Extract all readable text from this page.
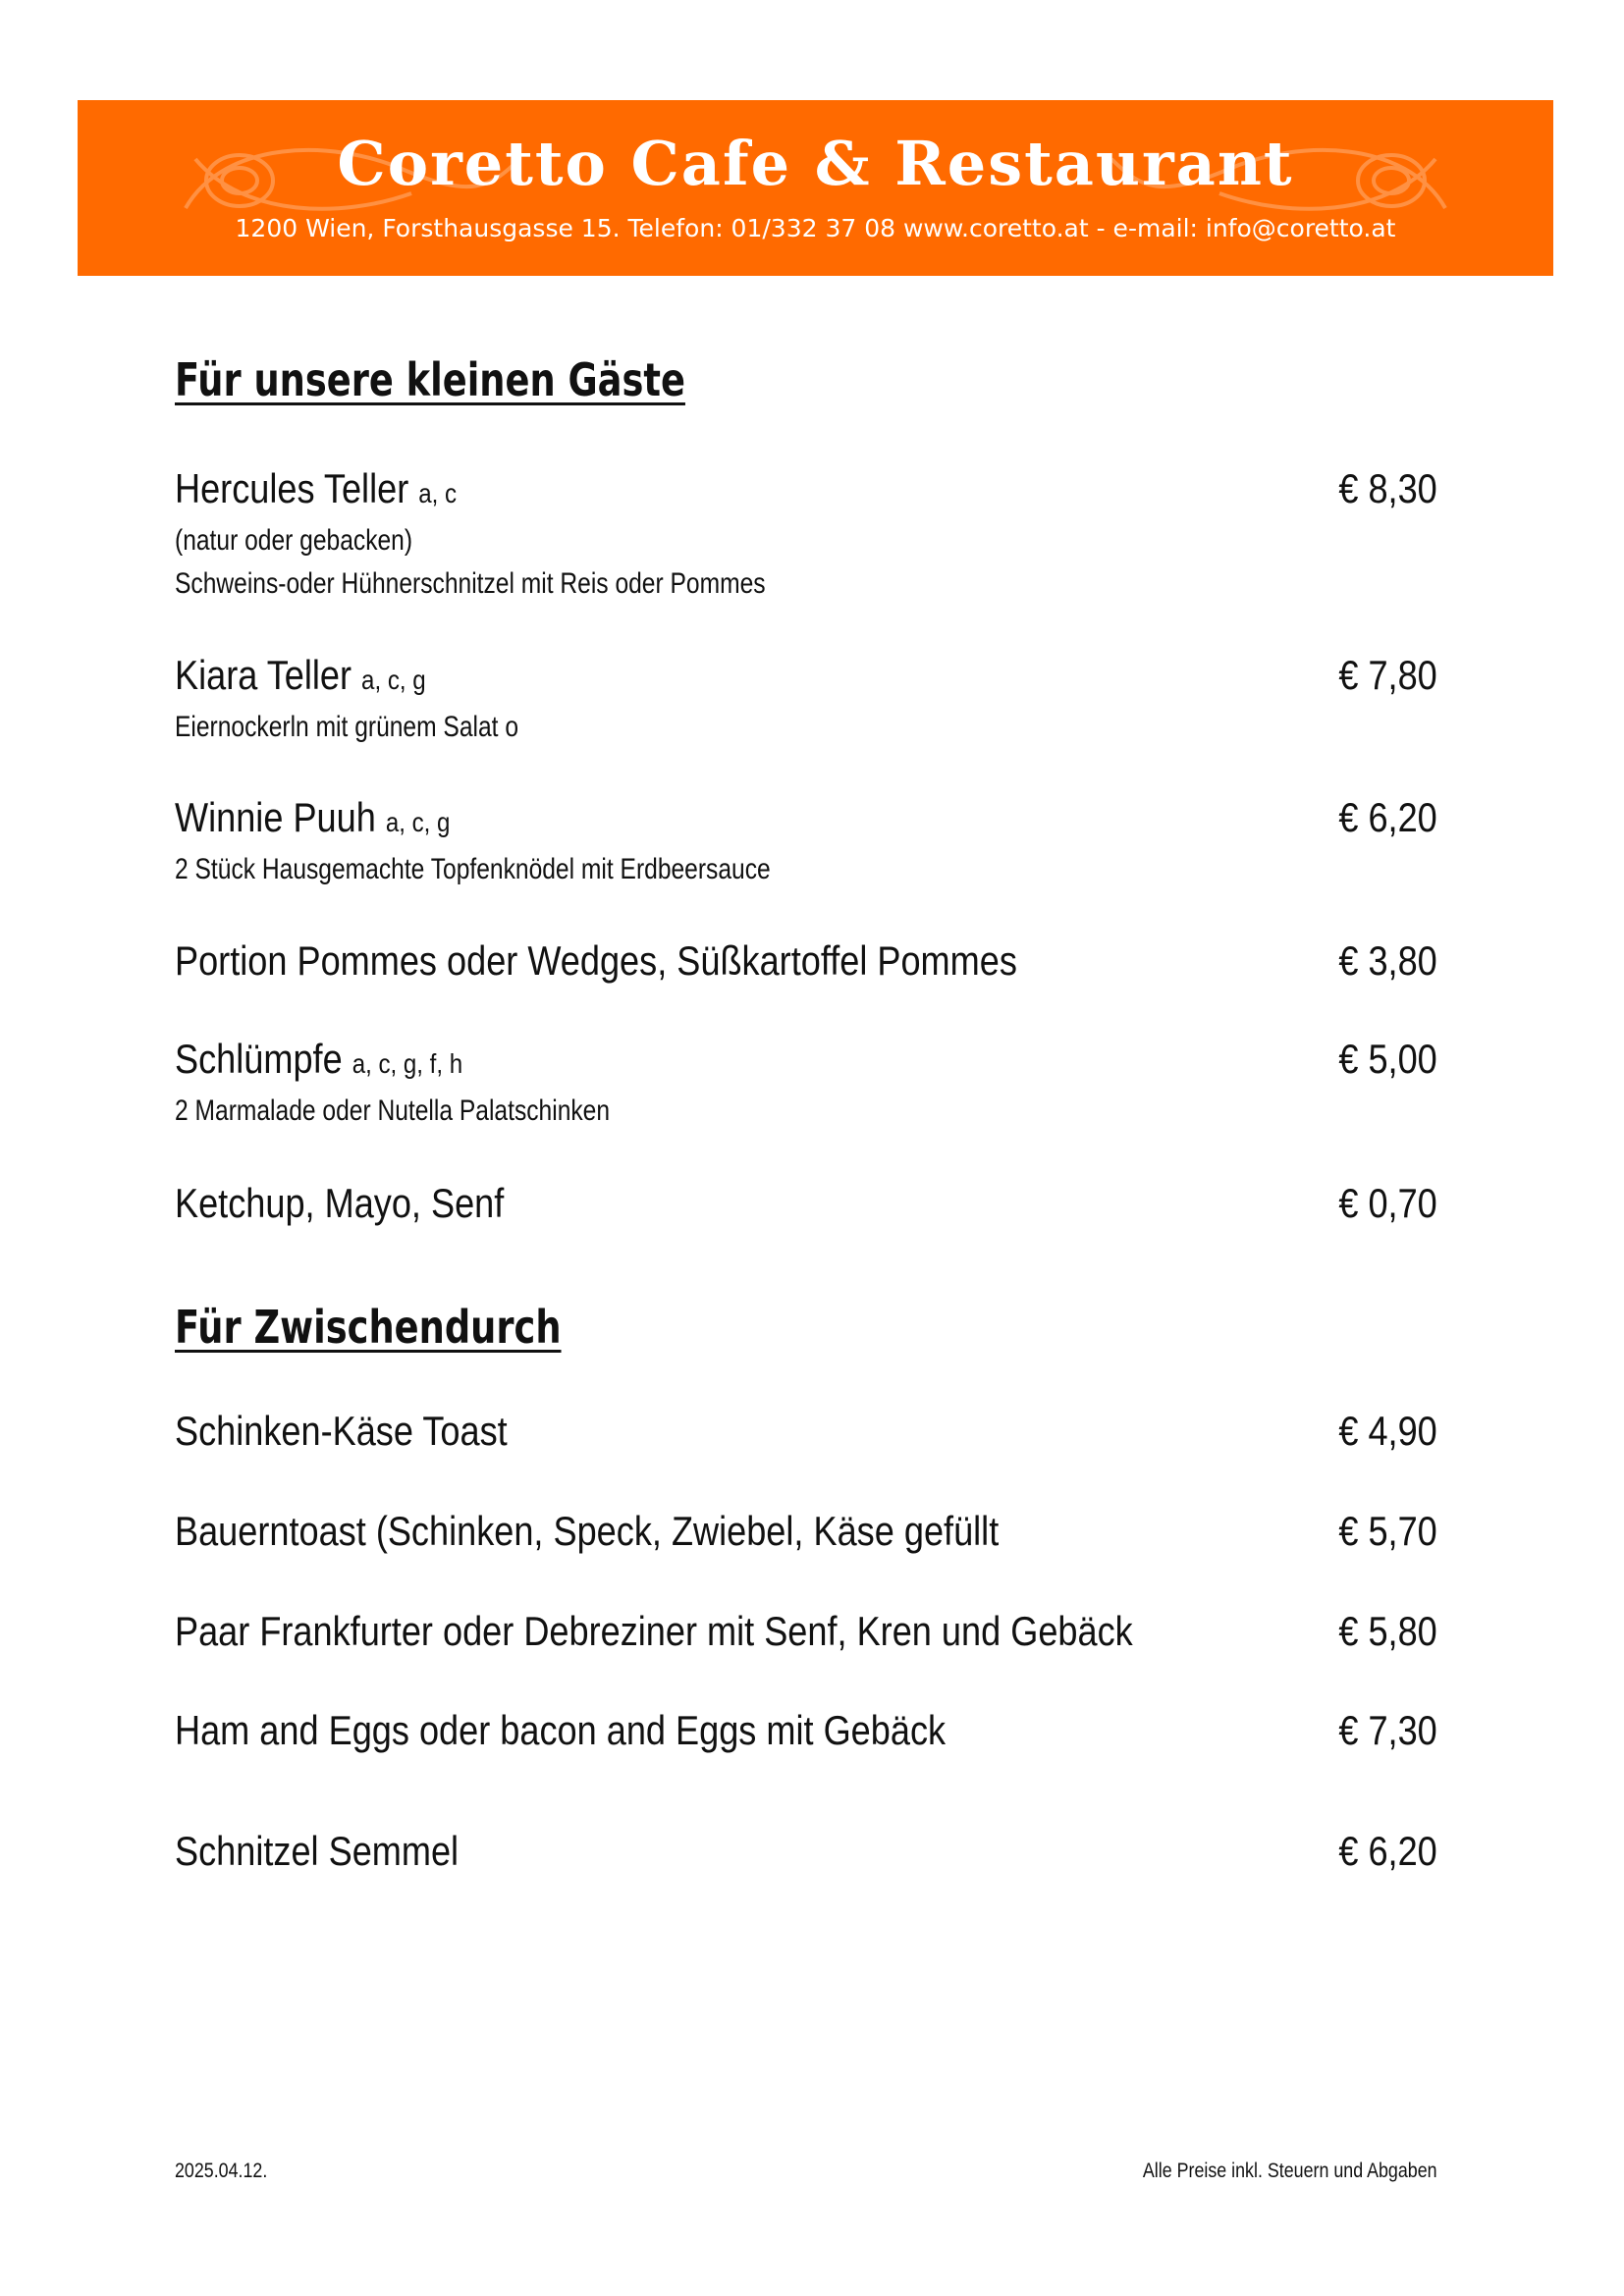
Coretto Cafe & Restaurant
1200 Wien, Forsthausgasse 15. Telefon: 01/332 37 08 www.coretto.at - e-mail: info@coretto.at
Für unsere kleinen Gäste
Hercules Teller a, c
(natur oder gebacken)
Schweins-oder Hühnerschnitzel mit Reis oder Pommes
€ 8,30
Kiara Teller a, c, g
Eiernockerln mit grünem Salat o
€ 7,80
Winnie Puuh a, c, g
2 Stück Hausgemachte Topfenknödel mit Erdbeersauce
€ 6,20
Portion Pommes oder Wedges, Süßkartoffel Pommes	€ 3,80
Schlümpfe a, c, g, f, h
2 Marmalade oder Nutella Palatschinken
€ 5,00
Ketchup, Mayo, Senf	€ 0,70
Für Zwischendurch
Schinken-Käse Toast	€ 4,90
Bauerntoast (Schinken, Speck, Zwiebel, Käse gefüllt	€ 5,70
Paar Frankfurter oder Debreziner mit Senf, Kren und Gebäck	€ 5,80
Ham and Eggs oder bacon and Eggs mit Gebäck	€ 7,30
Schnitzel Semmel	€ 6,20
2025.04.12.	Alle Preise inkl. Steuern und Abgaben
